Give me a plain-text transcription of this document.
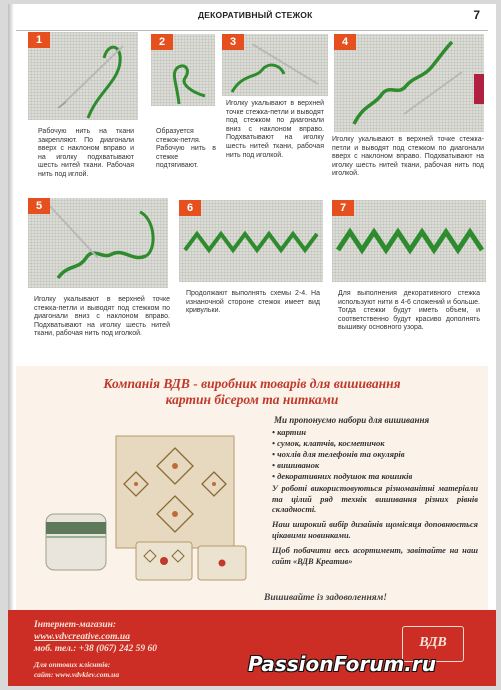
ДЕКОРАТИВНЫЙ СТЕЖОК	7
1
Рабочую нить на ткани закрепляют. По диагонали вверх с наклоном вправо и на иголку подхватывают шесть нитей ткани. Рабочая нить под иглой.
2
Образуется стежок-петля. Рабочую нить в стежке подтягивают.
3
Иголку укалывают в верхней точке стежка-петли и выводят под стежком по диагонали вниз с наклоном вправо. Подхватывают на иголку шесть нитей ткани, рабочая нить под иголкой.
4
Иголку укалывают в верхней точке стежка-петли и выводят под стежком по диагонали вверх с наклоном вправо. Подхватывают на иголку шесть нитей ткани, рабочая нить под иголкой.
5
Иголку укалывают в верхней точке стежка-петли и выводят под стежком по диагонали вниз с наклоном вправо. Подхватывают на иголку шесть нитей ткани, рабочая нить под иголкой.
6
Продолжают выполнять схемы 2-4. На изнаночной стороне стежок имеет вид кривульки.
7
Для выполнения декоративного стежка используют нити в 4-6 сложений и больше. Тогда стежки будут иметь объем, и соответственно будут красиво дополнять вышивку основного узора.
Компанія ВДВ - виробник товарів для вишивання
картин бісером та нитками
Ми пропонуємо набори для вишивання
• картин
• сумок, клатчів, косметичок
• чохлів для телефонів та окулярів
• вишиванок
• декоративних подушок та кошиків
У роботі використовуються різноманітні матеріали та цілий ряд технік вишивання різних рівнів складності.
Наш широкий вибір дизайнів щомісяця доповнюється цікавими новинками.
Щоб побачити весь асортимент, завітайте на наш сайт «ВДВ Креатив»
Вишивайте із задоволенням!
Інтернет-магазин:
www.vdvcreative.com.ua
моб. тел.: +38 (067) 242 59 60
Для оптових клієнтів:
сайт: www.vdvkiev.com.ua
ВДВ
PassionForum.ru
